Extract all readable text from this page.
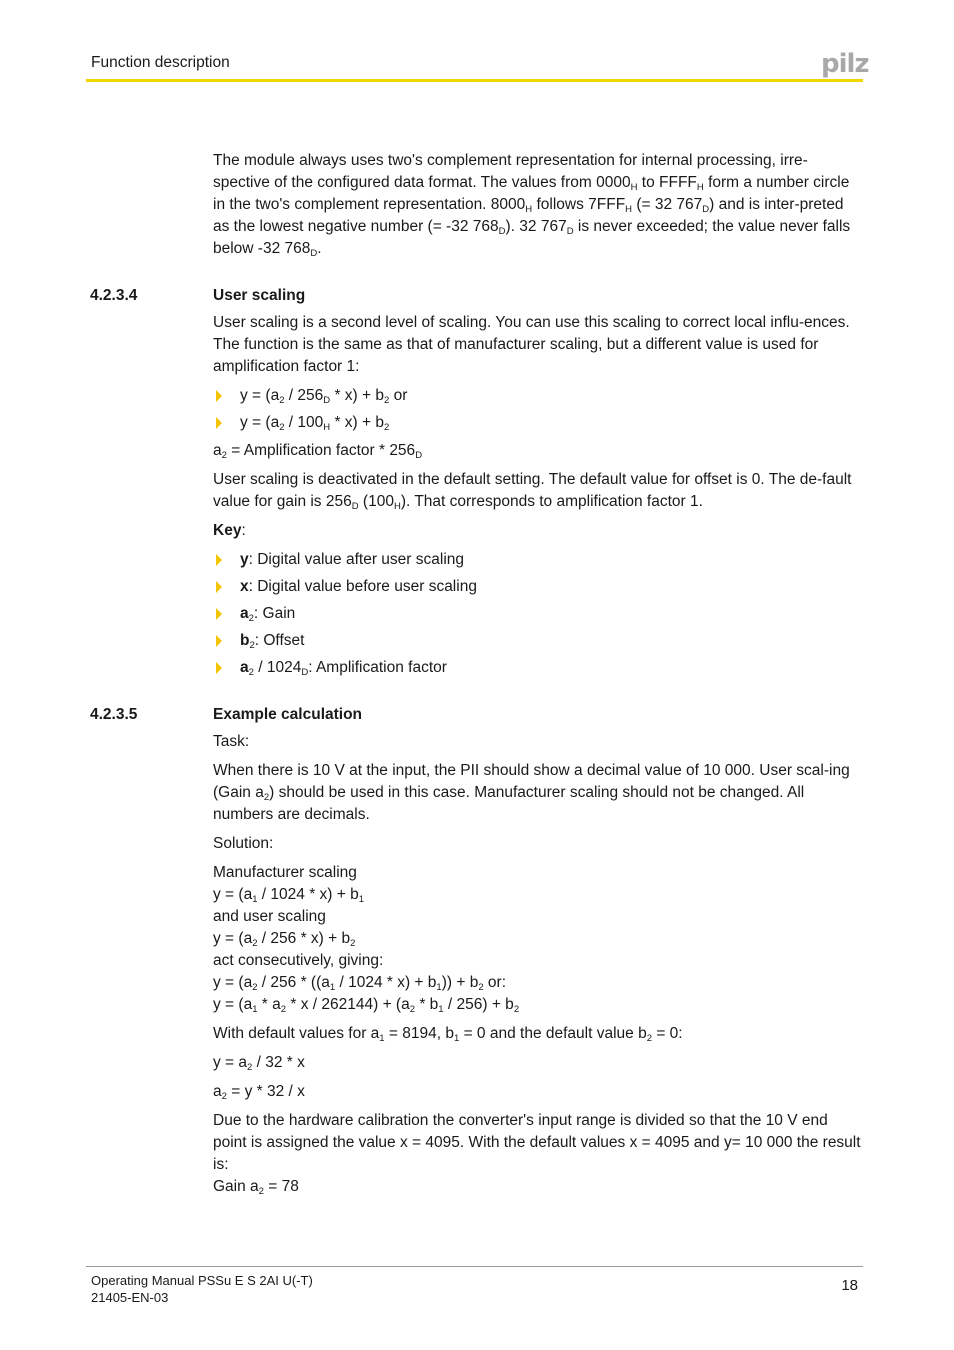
Function description	pilz

The module always uses two's complement representation for internal processing, irre-spective of the configured data format. The values from $0000_H$ to $FFFF_H$ form a number circle in the two's complement representation. $8000_H$ follows $7FFF_H$ (= 32 $767_D$) and is inter-preted as the lowest negative number (= -32 $768_D$). 32 $767_D$ is never exceeded; the value never falls below -32 $768_D$.

4.2.3.4	User scaling

User scaling is a second level of scaling. You can use this scaling to correct local influ-ences. The function is the same as that of manufacturer scaling, but a different value is used for amplification factor 1:

$y = (a_2 / 256_D * x) + b_2$ or
$y = (a_2 / 100_H * x) + b_2$

$a_2$ = Amplification factor * $256_D$

User scaling is deactivated in the default setting. The default value for offset is 0. The de-fault value for gain is $256_D$ $(100_H)$. That corresponds to amplification factor 1.

Key:

y: Digital value after user scaling
x: Digital value before user scaling
$a_2$: Gain
$b_2$: Offset
$a_2 / 1024_D$: Amplification factor
4.2.3.5	Example calculation

Task:

When there is 10 V at the input, the PII should show a decimal value of 10 000. User scal-ing (Gain $a_2$) should be used in this case. Manufacturer scaling should not be changed. All numbers are decimals.

Solution:

Manufacturer scaling

$y = (a_1 / 1024 * x) + b_1$

and user scaling

$y = (a_2 / 256 * x) + b_2$

act consecutively, giving:

$y = (a_2 / 256 * ((a_1 / 1024 * x) + b_1)) + b_2$ or:

$y = (a_1 * a_2 * x / 262144) + (a_2 * b_1 / 256) + b_2$

With default values for $a_1 = 8194$, $b_1 = 0$ and the default value $b_2 = 0$:

$y = a_2 / 32 * x$

$a_2 = y * 32 / x$

Due to the hardware calibration the converter's input range is divided so that the 10 V end point is assigned the value x = 4095. With the default values x = 4095 and y= 10 000 the result is:

Gain $a_2 = 78$

Operating Manual PSSu E S 2AI U(-T)
21405-EN-03
18
